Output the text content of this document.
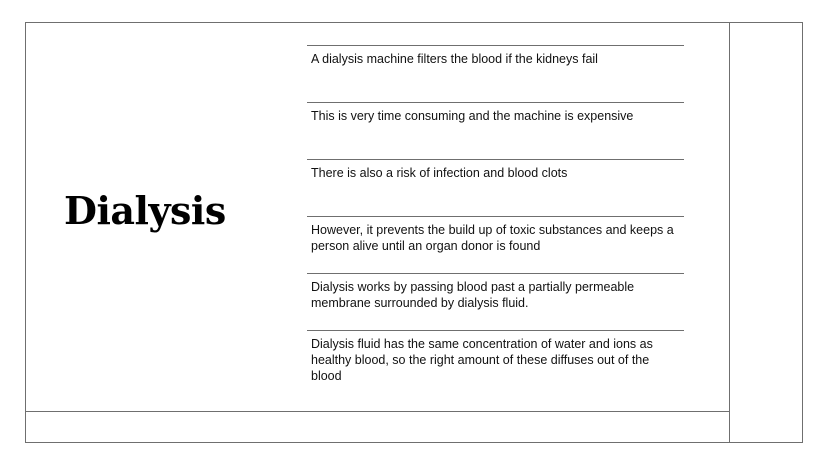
Dialysis
A dialysis machine filters the blood if the kidneys fail
This is very time consuming and the machine is expensive
There is also a risk of infection and blood clots
However, it prevents the build up of toxic substances and keeps a person alive until an organ donor is found
Dialysis works by passing blood past a partially permeable membrane surrounded by dialysis fluid.
Dialysis fluid has the same concentration of water and ions as healthy blood, so the right amount of these diffuses out of the blood
